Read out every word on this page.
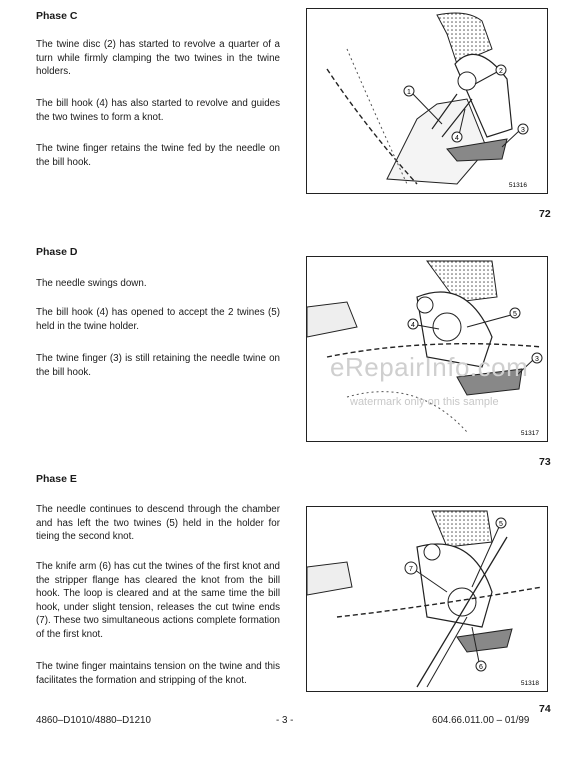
Phase C

The twine disc (2) has started to revolve a quarter of a turn while firmly clamping the two twines in the twine holders.

The bill hook (4) has also started to revolve and guides the two twines to form a knot.

The twine finger retains the twine fed by the needle on the bill hook.

1
2
3
4
51316
72
Phase D

The needle swings down.

The bill hook (4) has opened to accept the 2 twines (5) held in the twine holder.

The twine finger (3) is still retaining the needle twine on the bill hook.

4
5
3
51317
73
Phase E

The needle continues to descend through the chamber and has left the two twines (5) held in the holder for tieing the second knot.

The knife arm (6) has cut the twines of the first knot and the stripper flange has cleared the knot from the bill hook. The loop is cleared and at the same time the bill hook, under slight tension, releases the cut twine ends (7). These two simultaneous actions complete formation of the first knot.

The twine finger maintains tension on the twine and this facilitates the formation and stripping of the knot.

5
7
6
51318
74
eRepairInfo.com
watermark only on this sample
4860–D1010/4880–D1210	- 3 -	604.66.011.00 – 01/99
